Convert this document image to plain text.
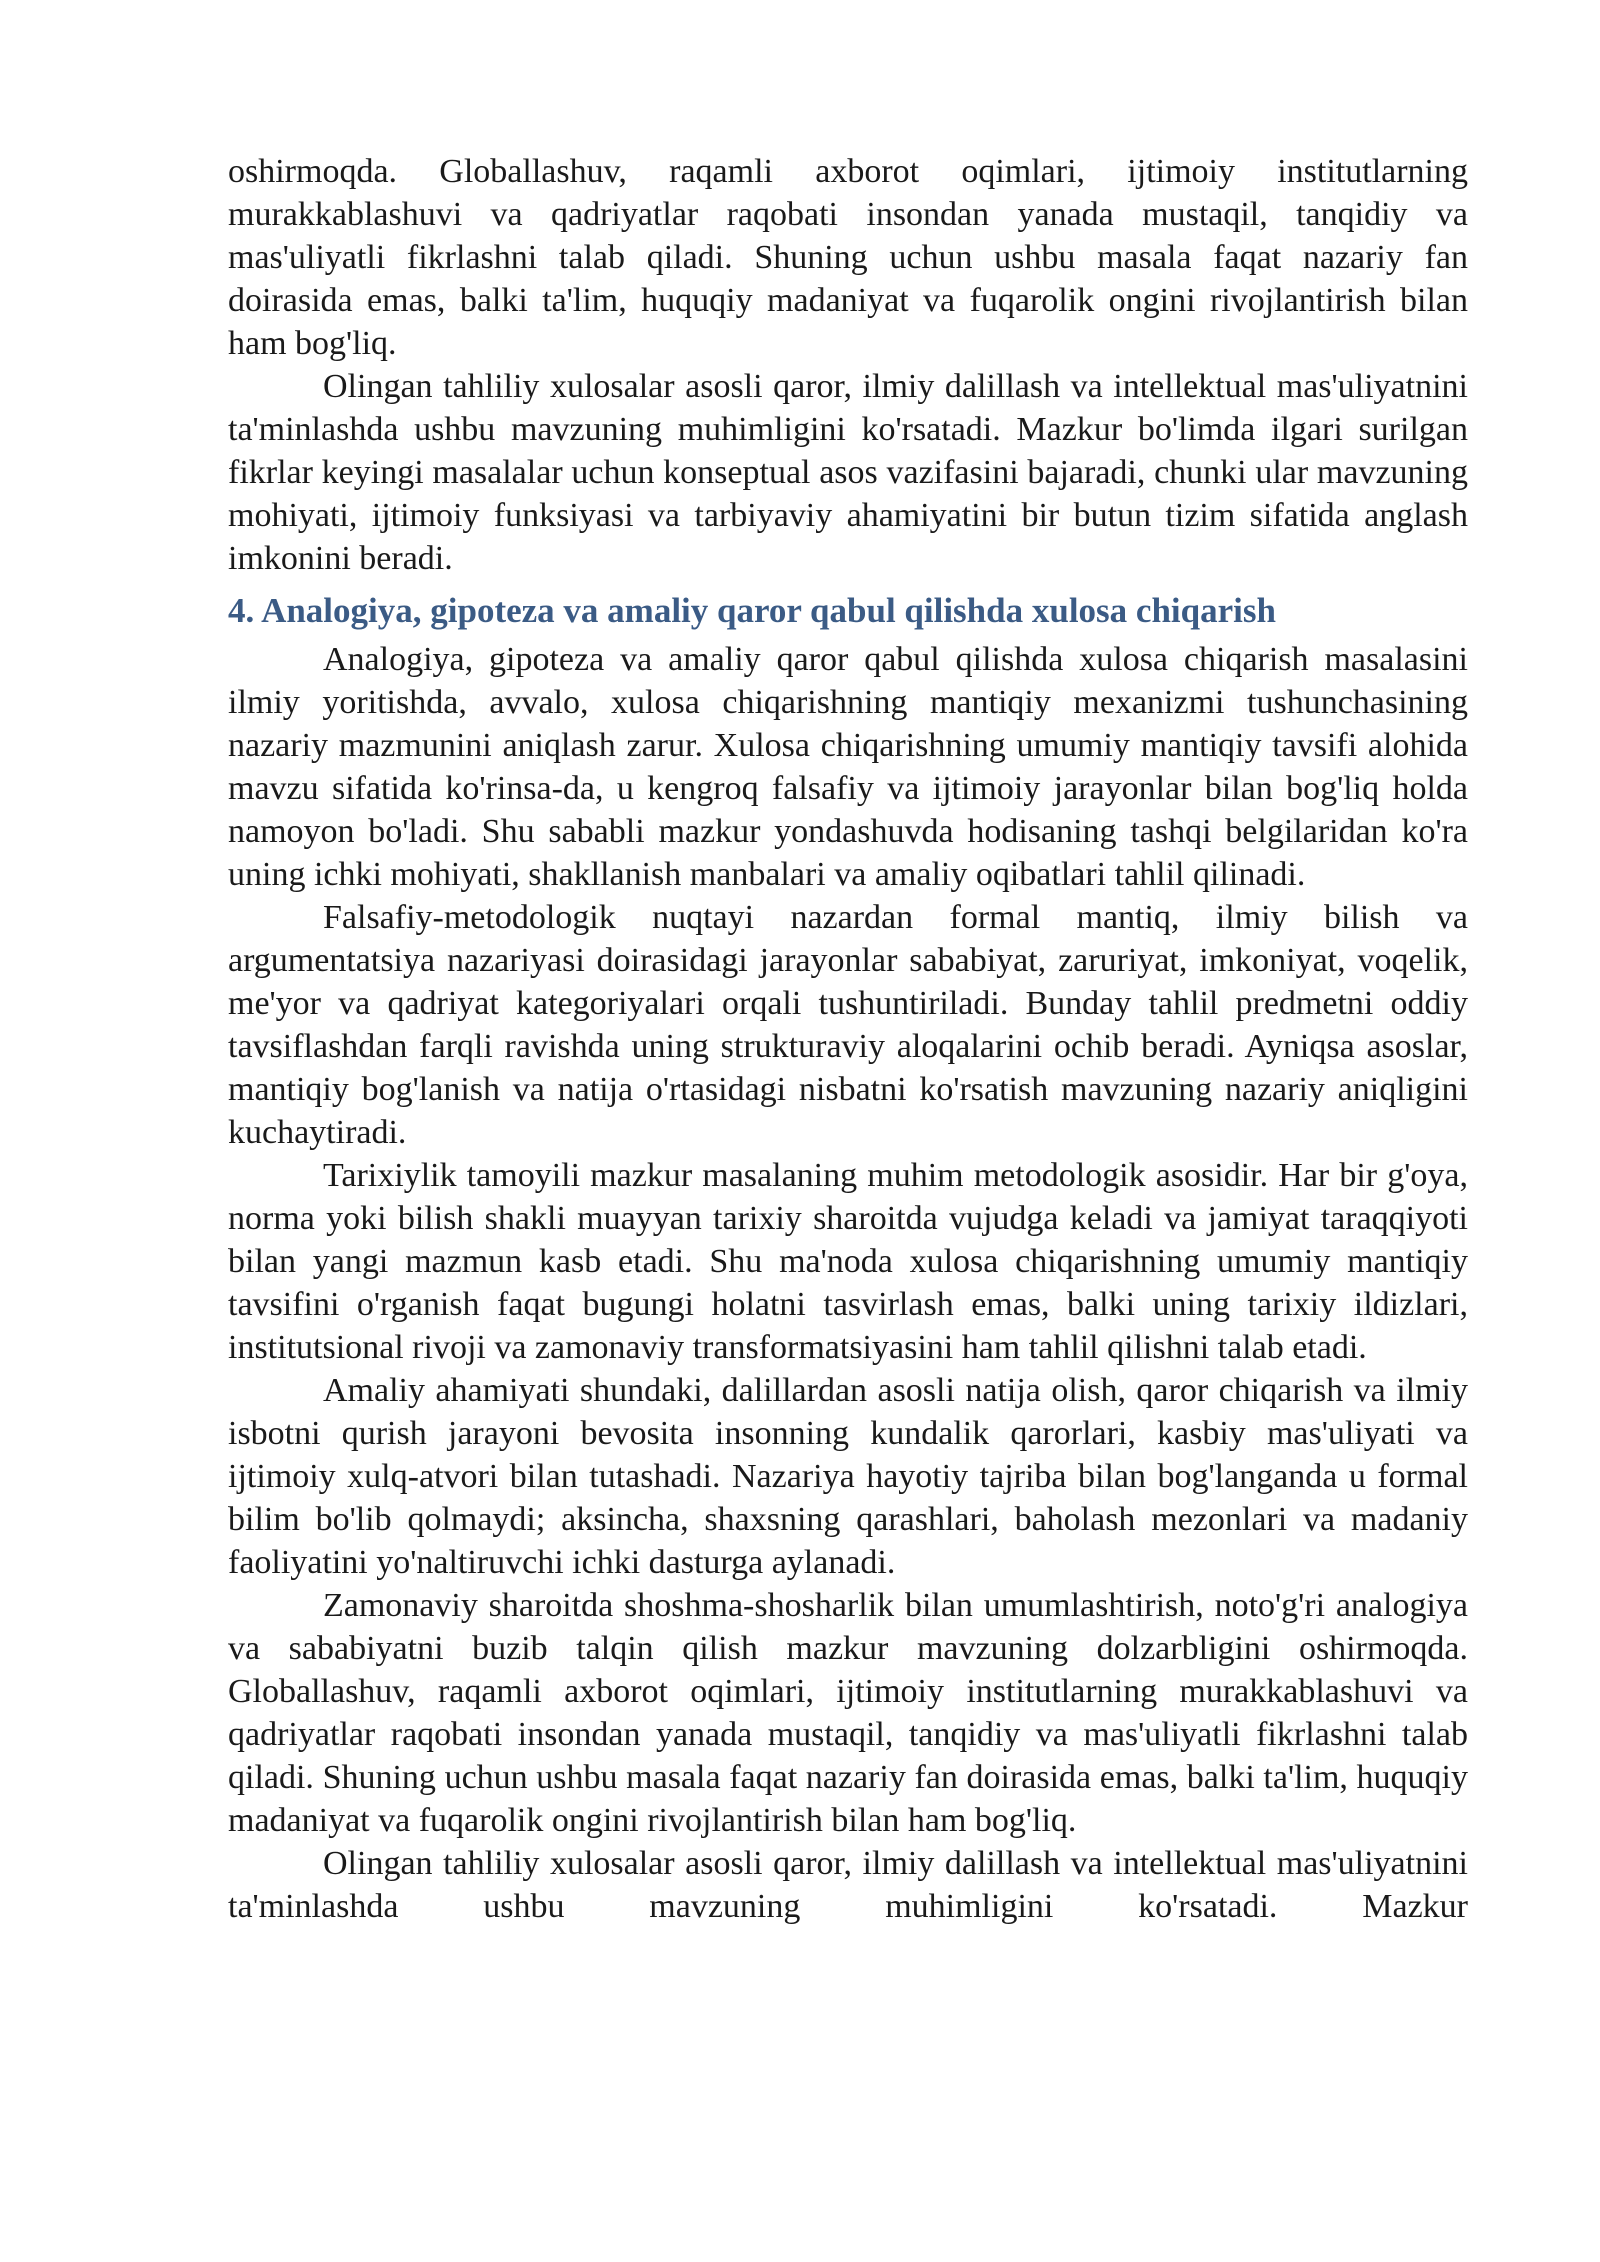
oshirmoqda. Globallashuv, raqamli axborot oqimlari, ijtimoiy institutlarning murakkablashuvi va qadriyatlar raqobati insondan yanada mustaqil, tanqidiy va mas'uliyatli fikrlashni talab qiladi. Shuning uchun ushbu masala faqat nazariy fan doirasida emas, balki ta'lim, huquqiy madaniyat va fuqarolik ongini rivojlantirish bilan ham bog'liq.

Olingan tahliliy xulosalar asosli qaror, ilmiy dalillash va intellektual mas'uliyatnini ta'minlashda ushbu mavzuning muhimligini ko'rsatadi. Mazkur bo'limda ilgari surilgan fikrlar keyingi masalalar uchun konseptual asos vazifasini bajaradi, chunki ular mavzuning mohiyati, ijtimoiy funksiyasi va tarbiyaviy ahamiyatini bir butun tizim sifatida anglash imkonini beradi.

4. Analogiya, gipoteza va amaliy qaror qabul qilishda xulosa chiqarish

Analogiya, gipoteza va amaliy qaror qabul qilishda xulosa chiqarish masalasini ilmiy yoritishda, avvalo, xulosa chiqarishning mantiqiy mexanizmi tushunchasining nazariy mazmunini aniqlash zarur. Xulosa chiqarishning umumiy mantiqiy tavsifi alohida mavzu sifatida ko'rinsa-da, u kengroq falsafiy va ijtimoiy jarayonlar bilan bog'liq holda namoyon bo'ladi. Shu sababli mazkur yondashuvda hodisaning tashqi belgilaridan ko'ra uning ichki mohiyati, shakllanish manbalari va amaliy oqibatlari tahlil qilinadi.

Falsafiy-metodologik nuqtayi nazardan formal mantiq, ilmiy bilish va argumentatsiya nazariyasi doirasidagi jarayonlar sababiyat, zaruriyat, imkoniyat, voqelik, me'yor va qadriyat kategoriyalari orqali tushuntiriladi. Bunday tahlil predmetni oddiy tavsiflashdan farqli ravishda uning strukturaviy aloqalarini ochib beradi. Ayniqsa asoslar, mantiqiy bog'lanish va natija o'rtasidagi nisbatni ko'rsatish mavzuning nazariy aniqligini kuchaytiradi.

Tarixiylik tamoyili mazkur masalaning muhim metodologik asosidir. Har bir g'oya, norma yoki bilish shakli muayyan tarixiy sharoitda vujudga keladi va jamiyat taraqqiyoti bilan yangi mazmun kasb etadi. Shu ma'noda xulosa chiqarishning umumiy mantiqiy tavsifini o'rganish faqat bugungi holatni tasvirlash emas, balki uning tarixiy ildizlari, institutsional rivoji va zamonaviy transformatsiyasini ham tahlil qilishni talab etadi.

Amaliy ahamiyati shundaki, dalillardan asosli natija olish, qaror chiqarish va ilmiy isbotni qurish jarayoni bevosita insonning kundalik qarorlari, kasbiy mas'uliyati va ijtimoiy xulq-atvori bilan tutashadi. Nazariya hayotiy tajriba bilan bog'langanda u formal bilim bo'lib qolmaydi; aksincha, shaxsning qarashlari, baholash mezonlari va madaniy faoliyatini yo'naltiruvchi ichki dasturga aylanadi.

Zamonaviy sharoitda shoshma-shosharlik bilan umumlashtirish, noto'g'ri analogiya va sababiyatni buzib talqin qilish mazkur mavzuning dolzarbligini oshirmoqda. Globallashuv, raqamli axborot oqimlari, ijtimoiy institutlarning murakkablashuvi va qadriyatlar raqobati insondan yanada mustaqil, tanqidiy va mas'uliyatli fikrlashni talab qiladi. Shuning uchun ushbu masala faqat nazariy fan doirasida emas, balki ta'lim, huquqiy madaniyat va fuqarolik ongini rivojlantirish bilan ham bog'liq.

Olingan tahliliy xulosalar asosli qaror, ilmiy dalillash va intellektual mas'uliyatnini ta'minlashda ushbu mavzuning muhimligini ko'rsatadi. Mazkur
